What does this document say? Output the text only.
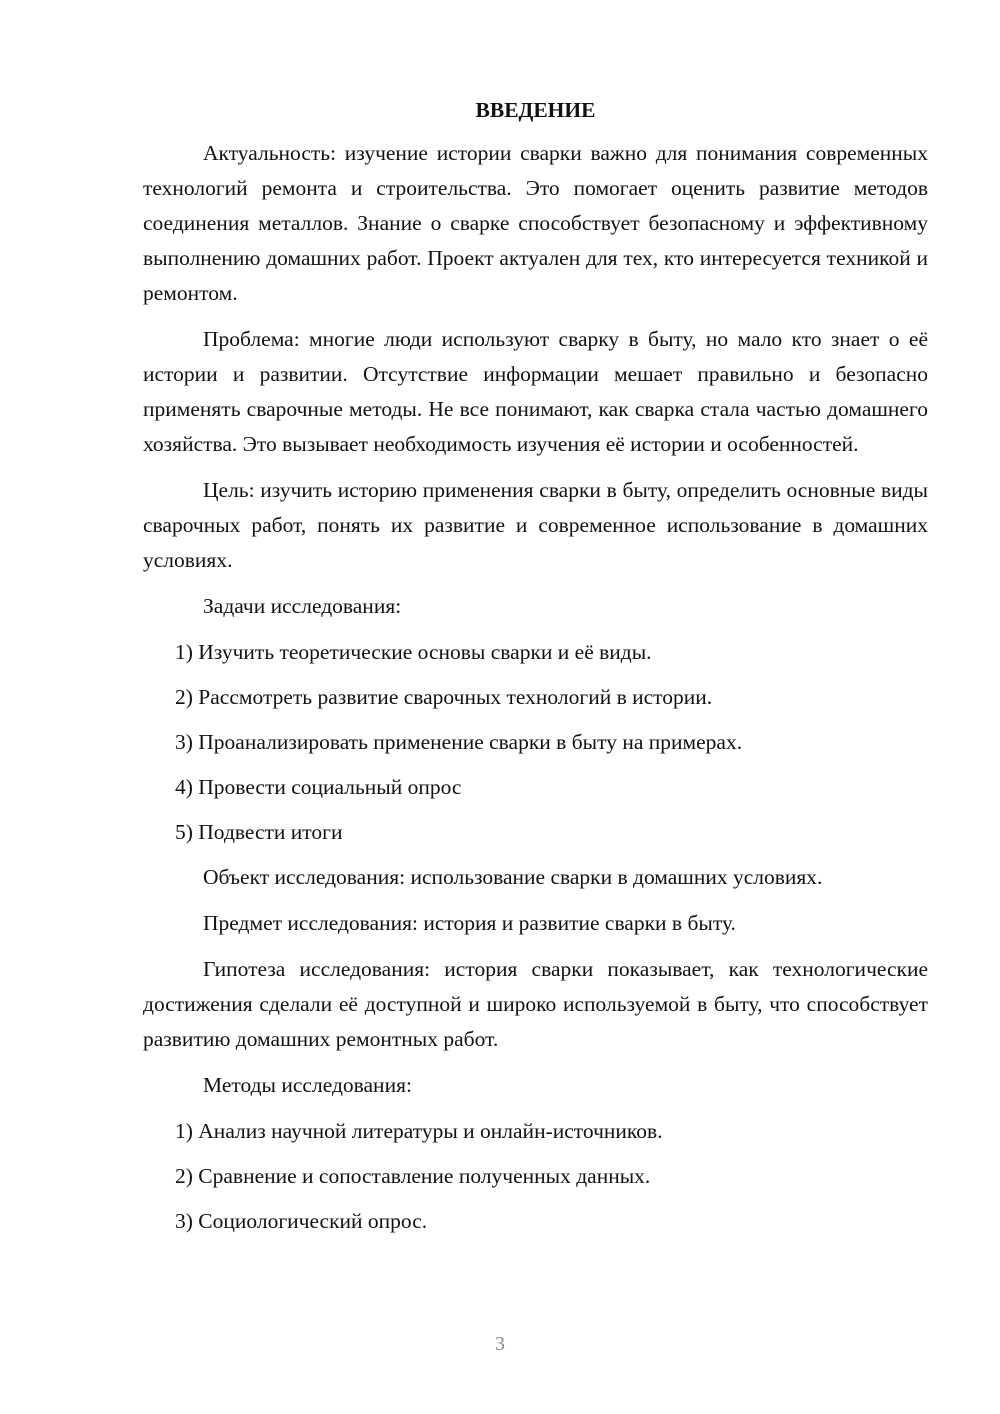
ВВЕДЕНИЕ

Актуальность: изучение истории сварки важно для понимания современных технологий ремонта и строительства. Это помогает оценить развитие методов соединения металлов. Знание о сварке способствует безопасному и эффективному выполнению домашних работ. Проект актуален для тех, кто интересуется техникой и ремонтом.

Проблема: многие люди используют сварку в быту, но мало кто знает о её истории и развитии. Отсутствие информации мешает правильно и безопасно применять сварочные методы. Не все понимают, как сварка стала частью домашнего хозяйства. Это вызывает необходимость изучения её истории и особенностей.

Цель: изучить историю применения сварки в быту, определить основные виды сварочных работ, понять их развитие и современное использование в домашних условиях.

Задачи исследования:

1) Изучить теоретические основы сварки и её виды.

2) Рассмотреть развитие сварочных технологий в истории.

3) Проанализировать применение сварки в быту на примерах.

4) Провести социальный опрос

5) Подвести итоги

Объект исследования: использование сварки в домашних условиях.

Предмет исследования: история и развитие сварки в быту.

Гипотеза исследования: история сварки показывает, как технологические достижения сделали её доступной и широко используемой в быту, что способствует развитию домашних ремонтных работ.

Методы исследования:

1) Анализ научной литературы и онлайн-источников.

2) Сравнение и сопоставление полученных данных.

3) Социологический опрос.

3
